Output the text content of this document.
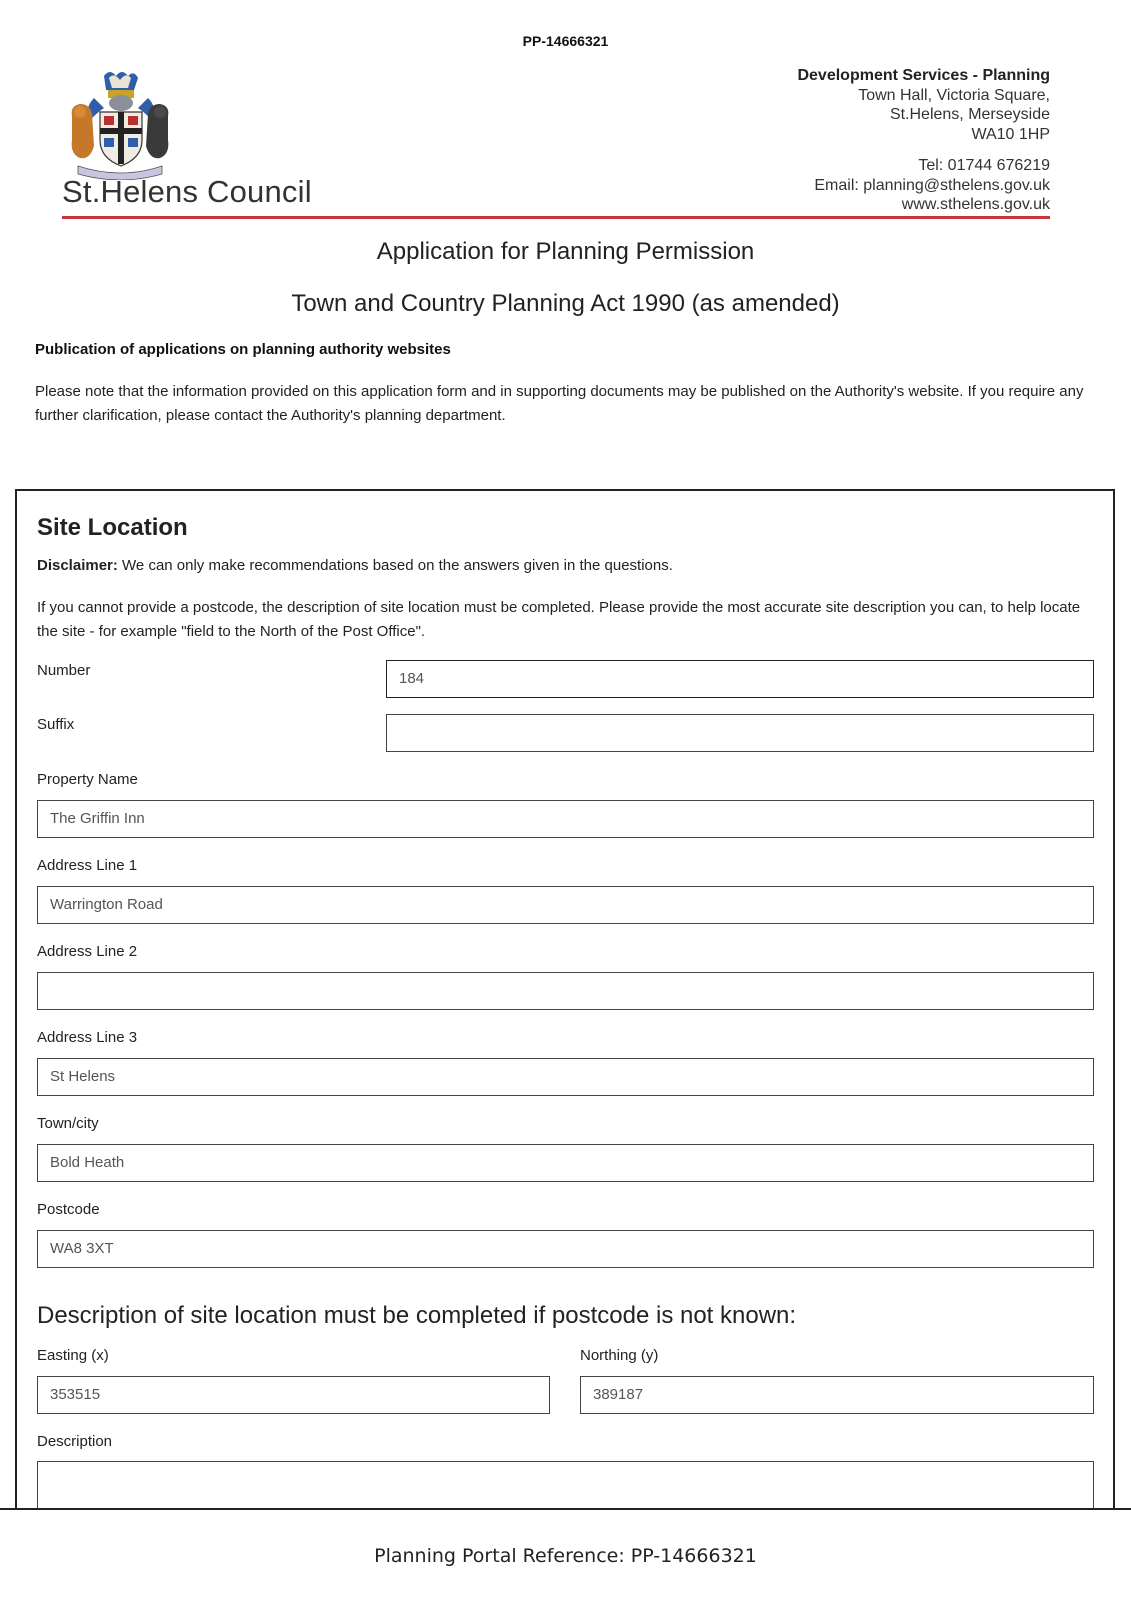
PP-14666321
St.Helens Council
Development Services - Planning
Town Hall, Victoria Square,
St.Helens, Merseyside
WA10 1HP
Tel: 01744 676219
Email: planning@sthelens.gov.uk
www.sthelens.gov.uk
Application for Planning Permission
Town and Country Planning Act 1990 (as amended)
Publication of applications on planning authority websites
Please note that the information provided on this application form and in supporting documents may be published on the Authority's website. If you require any further clarification, please contact the Authority's planning department.
Site Location
Disclaimer: We can only make recommendations based on the answers given in the questions.
If you cannot provide a postcode, the description of site location must be completed. Please provide the most accurate site description you can, to help locate the site - for example "field to the North of the Post Office".
Number	184
Suffix
Property Name
The Griffin Inn
Address Line 1
Warrington Road
Address Line 2
Address Line 3
St Helens
Town/city
Bold Heath
Postcode
WA8 3XT
Description of site location must be completed if postcode is not known:
Easting (x)
353515
Northing (y)
389187
Description
Planning Portal Reference: PP-14666321
